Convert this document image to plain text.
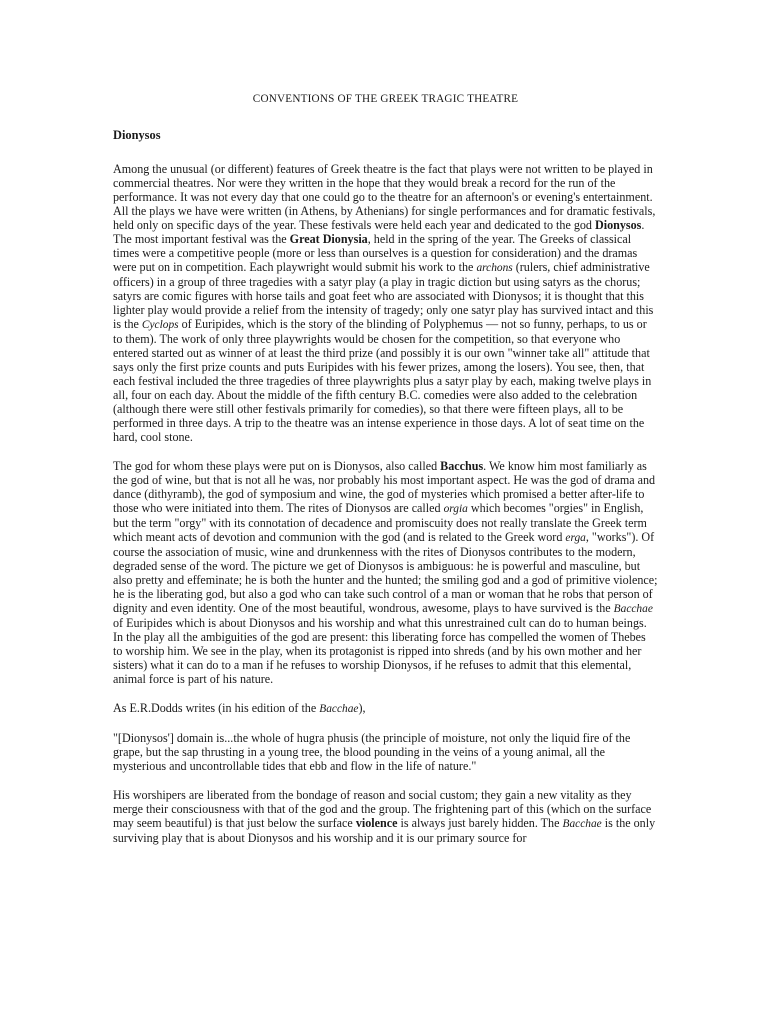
CONVENTIONS OF THE GREEK TRAGIC THEATRE
Dionysos

Among the unusual (or different) features of Greek theatre is the fact that plays were not written to be played in commercial theatres. Nor were they written in the hope that they would break a record for the run of the performance. It was not every day that one could go to the theatre for an afternoon's or evening's entertainment. All the plays we have were written (in Athens, by Athenians) for single performances and for dramatic festivals, held only on specific days of the year. These festivals were held each year and dedicated to the god Dionysos. The most important festival was the Great Dionysia, held in the spring of the year. The Greeks of classical times were a competitive people (more or less than ourselves is a question for consideration) and the dramas were put on in competition. Each playwright would submit his work to the archons (rulers, chief administrative officers) in a group of three tragedies with a satyr play (a play in tragic diction but using satyrs as the chorus; satyrs are comic figures with horse tails and goat feet who are associated with Dionysos; it is thought that this lighter play would provide a relief from the intensity of tragedy; only one satyr play has survived intact and this is the Cyclops of Euripides, which is the story of the blinding of Polyphemus — not so funny, perhaps, to us or to them). The work of only three playwrights would be chosen for the competition, so that everyone who entered started out as winner of at least the third prize (and possibly it is our own "winner take all" attitude that says only the first prize counts and puts Euripides with his fewer prizes, among the losers). You see, then, that each festival included the three tragedies of three playwrights plus a satyr play by each, making twelve plays in all, four on each day. About the middle of the fifth century B.C. comedies were also added to the celebration (although there were still other festivals primarily for comedies), so that there were fifteen plays, all to be performed in three days. A trip to the theatre was an intense experience in those days. A lot of seat time on the hard, cool stone.

The god for whom these plays were put on is Dionysos, also called Bacchus. We know him most familiarly as the god of wine, but that is not all he was, nor probably his most important aspect. He was the god of drama and dance (dithyramb), the god of symposium and wine, the god of mysteries which promised a better after-life to those who were initiated into them. The rites of Dionysos are called orgia which becomes "orgies" in English, but the term "orgy" with its connotation of decadence and promiscuity does not really translate the Greek term which meant acts of devotion and communion with the god (and is related to the Greek word erga, "works"). Of course the association of music, wine and drunkenness with the rites of Dionysos contributes to the modern, degraded sense of the word. The picture we get of Dionysos is ambiguous: he is powerful and masculine, but also pretty and effeminate; he is both the hunter and the hunted; the smiling god and a god of primitive violence; he is the liberating god, but also a god who can take such control of a man or woman that he robs that person of dignity and even identity. One of the most beautiful, wondrous, awesome, plays to have survived is the Bacchae of Euripides which is about Dionysos and his worship and what this unrestrained cult can do to human beings. In the play all the ambiguities of the god are present: this liberating force has compelled the women of Thebes to worship him. We see in the play, when its protagonist is ripped into shreds (and by his own mother and her sisters) what it can do to a man if he refuses to worship Dionysos, if he refuses to admit that this elemental, animal force is part of his nature.

As E.R.Dodds writes (in his edition of the Bacchae),

"[Dionysos'] domain is...the whole of hugra phusis (the principle of moisture, not only the liquid fire of the grape, but the sap thrusting in a young tree, the blood pounding in the veins of a young animal, all the mysterious and uncontrollable tides that ebb and flow in the life of nature."

His worshipers are liberated from the bondage of reason and social custom; they gain a new vitality as they merge their consciousness with that of the god and the group. The frightening part of this (which on the surface may seem beautiful) is that just below the surface violence is always just barely hidden. The Bacchae is the only surviving play that is about Dionysos and his worship and it is our primary source for
